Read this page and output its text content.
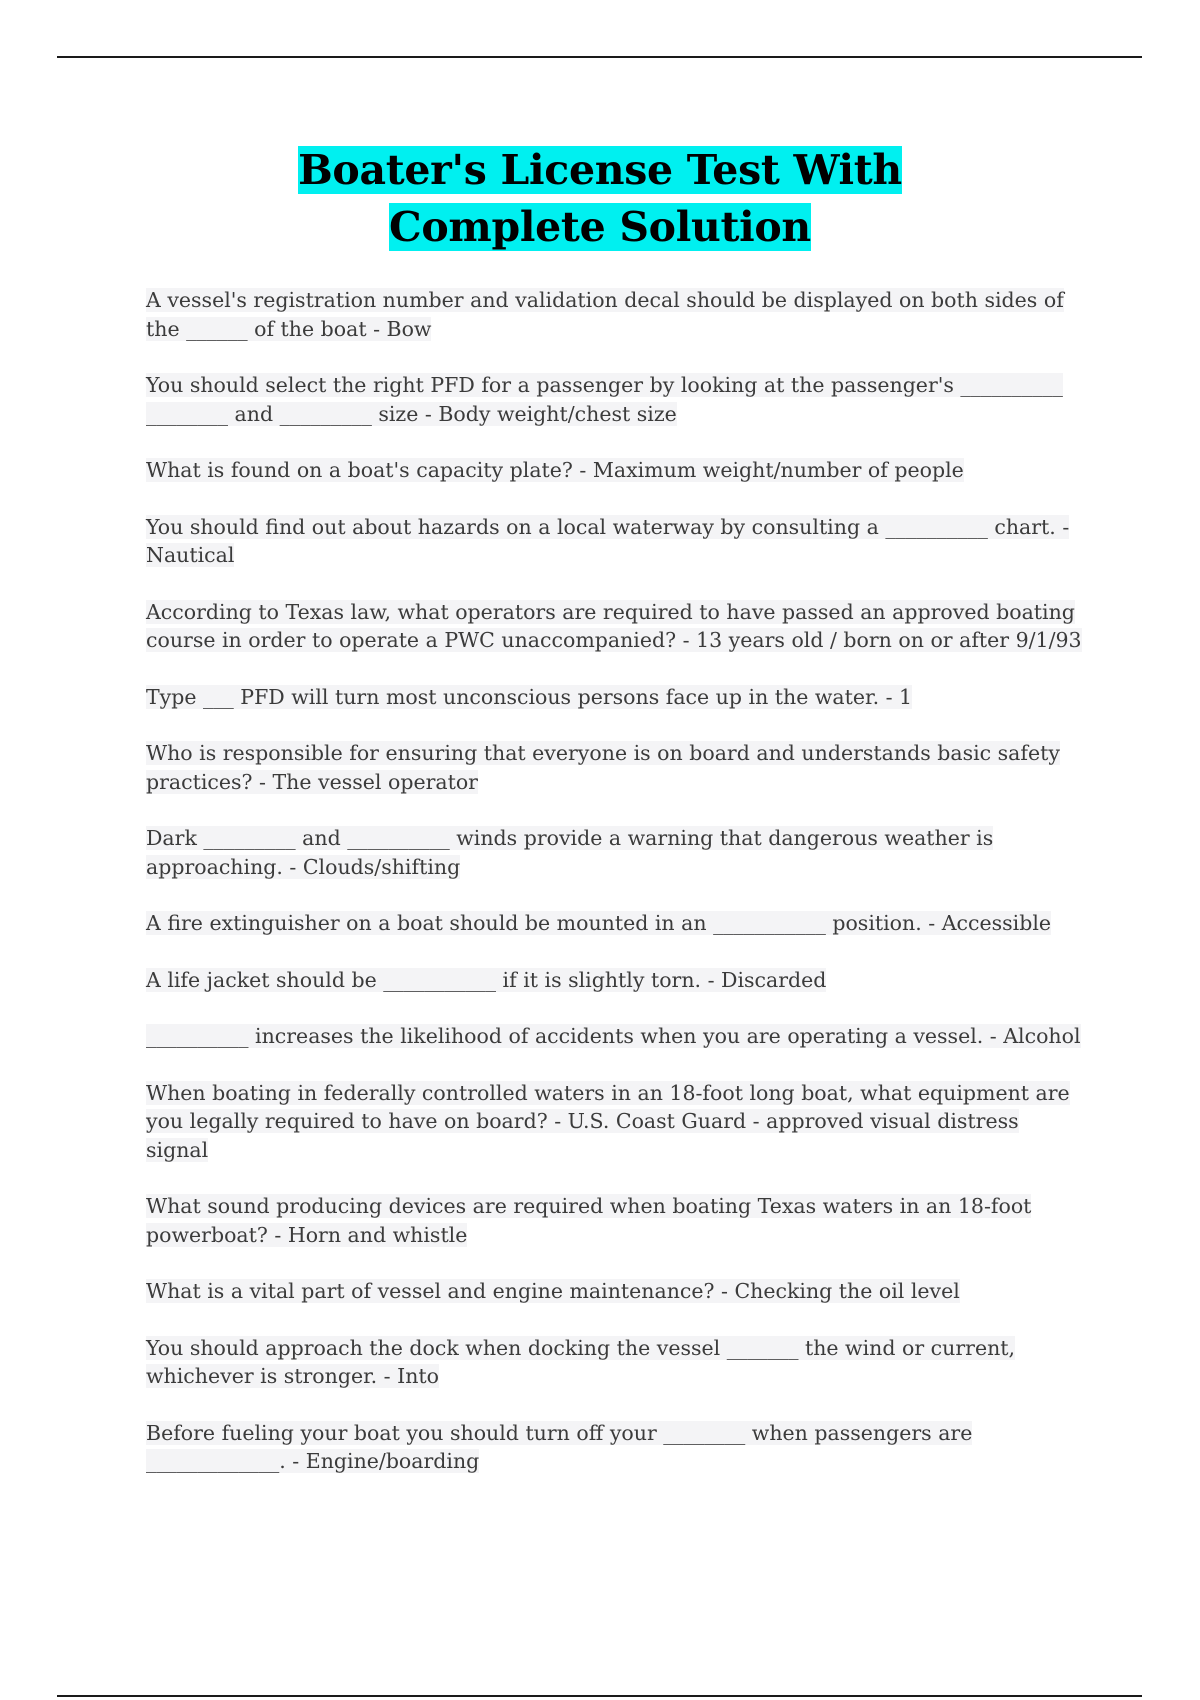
Boater's License Test With Complete Solution

A vessel's registration number and validation decal should be displayed on both sides of the ______ of the boat - Bow

You should select the right PFD for a passenger by looking at the passenger's __________ ________ and _________ size - Body weight/chest size

What is found on a boat's capacity plate? - Maximum weight/number of people

You should find out about hazards on a local waterway by consulting a __________ chart. - Nautical

According to Texas law, what operators are required to have passed an approved boating course in order to operate a PWC unaccompanied? - 13 years old / born on or after 9/1/93

Type ___ PFD will turn most unconscious persons face up in the water. - 1

Who is responsible for ensuring that everyone is on board and understands basic safety practices? - The vessel operator

Dark _________ and __________ winds provide a warning that dangerous weather is approaching. - Clouds/shifting

A fire extinguisher on a boat should be mounted in an ___________ position. - Accessible

A life jacket should be ___________ if it is slightly torn. - Discarded

__________ increases the likelihood of accidents when you are operating a vessel. - Alcohol

When boating in federally controlled waters in an 18-foot long boat, what equipment are you legally required to have on board? - U.S. Coast Guard - approved visual distress signal

What sound producing devices are required when boating Texas waters in an 18-foot powerboat? - Horn and whistle

What is a vital part of vessel and engine maintenance? - Checking the oil level

You should approach the dock when docking the vessel _______ the wind or current, whichever is stronger. - Into

Before fueling your boat you should turn off your ________ when passengers are _____________. - Engine/boarding
